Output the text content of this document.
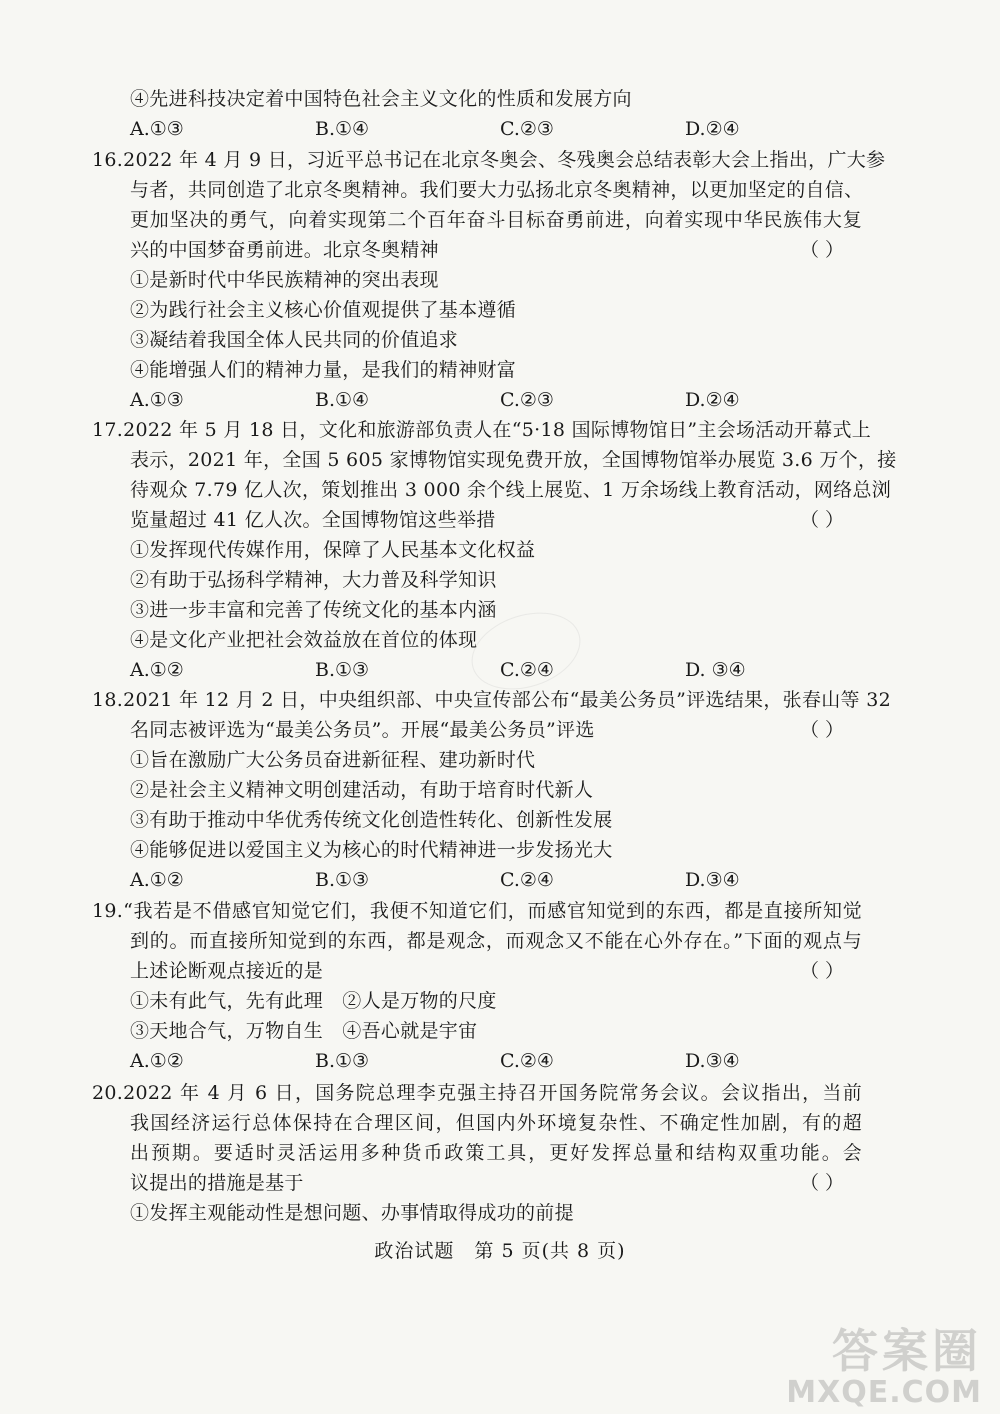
④先进科技决定着中国特色社会主义文化的性质和发展方向
A.①③	B.①④	C.②③	D.②④
16.2022 年 4 月 9 日，习近平总书记在北京冬奥会、冬残奥会总结表彰大会上指出，广大参
与者，共同创造了北京冬奥精神。我们要大力弘扬北京冬奥精神，以更加坚定的自信、
更加坚决的勇气，向着实现第二个百年奋斗目标奋勇前进，向着实现中华民族伟大复
兴的中国梦奋勇前进。北京冬奥精神	（ ）
①是新时代中华民族精神的突出表现
②为践行社会主义核心价值观提供了基本遵循
③凝结着我国全体人民共同的价值追求
④能增强人们的精神力量，是我们的精神财富
A.①③	B.①④	C.②③	D.②④
17.2022 年 5 月 18 日，文化和旅游部负责人在“5·18 国际博物馆日”主会场活动开幕式上
表示，2021 年，全国 5 605 家博物馆实现免费开放，全国博物馆举办展览 3.6 万个，接
待观众 7.79 亿人次，策划推出 3 000 余个线上展览、1 万余场线上教育活动，网络总浏
览量超过 41 亿人次。全国博物馆这些举措	（ ）
①发挥现代传媒作用，保障了人民基本文化权益
②有助于弘扬科学精神，大力普及科学知识
③进一步丰富和完善了传统文化的基本内涵
④是文化产业把社会效益放在首位的体现
A.①②	B.①③	C.②④	D. ③④
18.2021 年 12 月 2 日，中央组织部、中央宣传部公布“最美公务员”评选结果，张春山等 32
名同志被评选为“最美公务员”。开展“最美公务员”评选	（ ）
①旨在激励广大公务员奋进新征程、建功新时代
②是社会主义精神文明创建活动，有助于培育时代新人
③有助于推动中华优秀传统文化创造性转化、创新性发展
④能够促进以爱国主义为核心的时代精神进一步发扬光大
A.①②	B.①③	C.②④	D.③④
19.“我若是不借感官知觉它们，我便不知道它们，而感官知觉到的东西，都是直接所知觉
到的。而直接所知觉到的东西，都是观念，而观念又不能在心外存在。”下面的观点与
上述论断观点接近的是	（ ）
①未有此气，先有此理　②人是万物的尺度
③天地合气，万物自生　④吾心就是宇宙
A.①②	B.①③	C.②④	D.③④
20.2022 年 4 月 6 日，国务院总理李克强主持召开国务院常务会议。会议指出，当前
我国经济运行总体保持在合理区间，但国内外环境复杂性、不确定性加剧，有的超
出预期。要适时灵活运用多种货币政策工具，更好发挥总量和结构双重功能。会
议提出的措施是基于	（ ）
①发挥主观能动性是想问题、办事情取得成功的前提
政治试题　第 5 页(共 8 页)
答案圈
MXQE.COM
